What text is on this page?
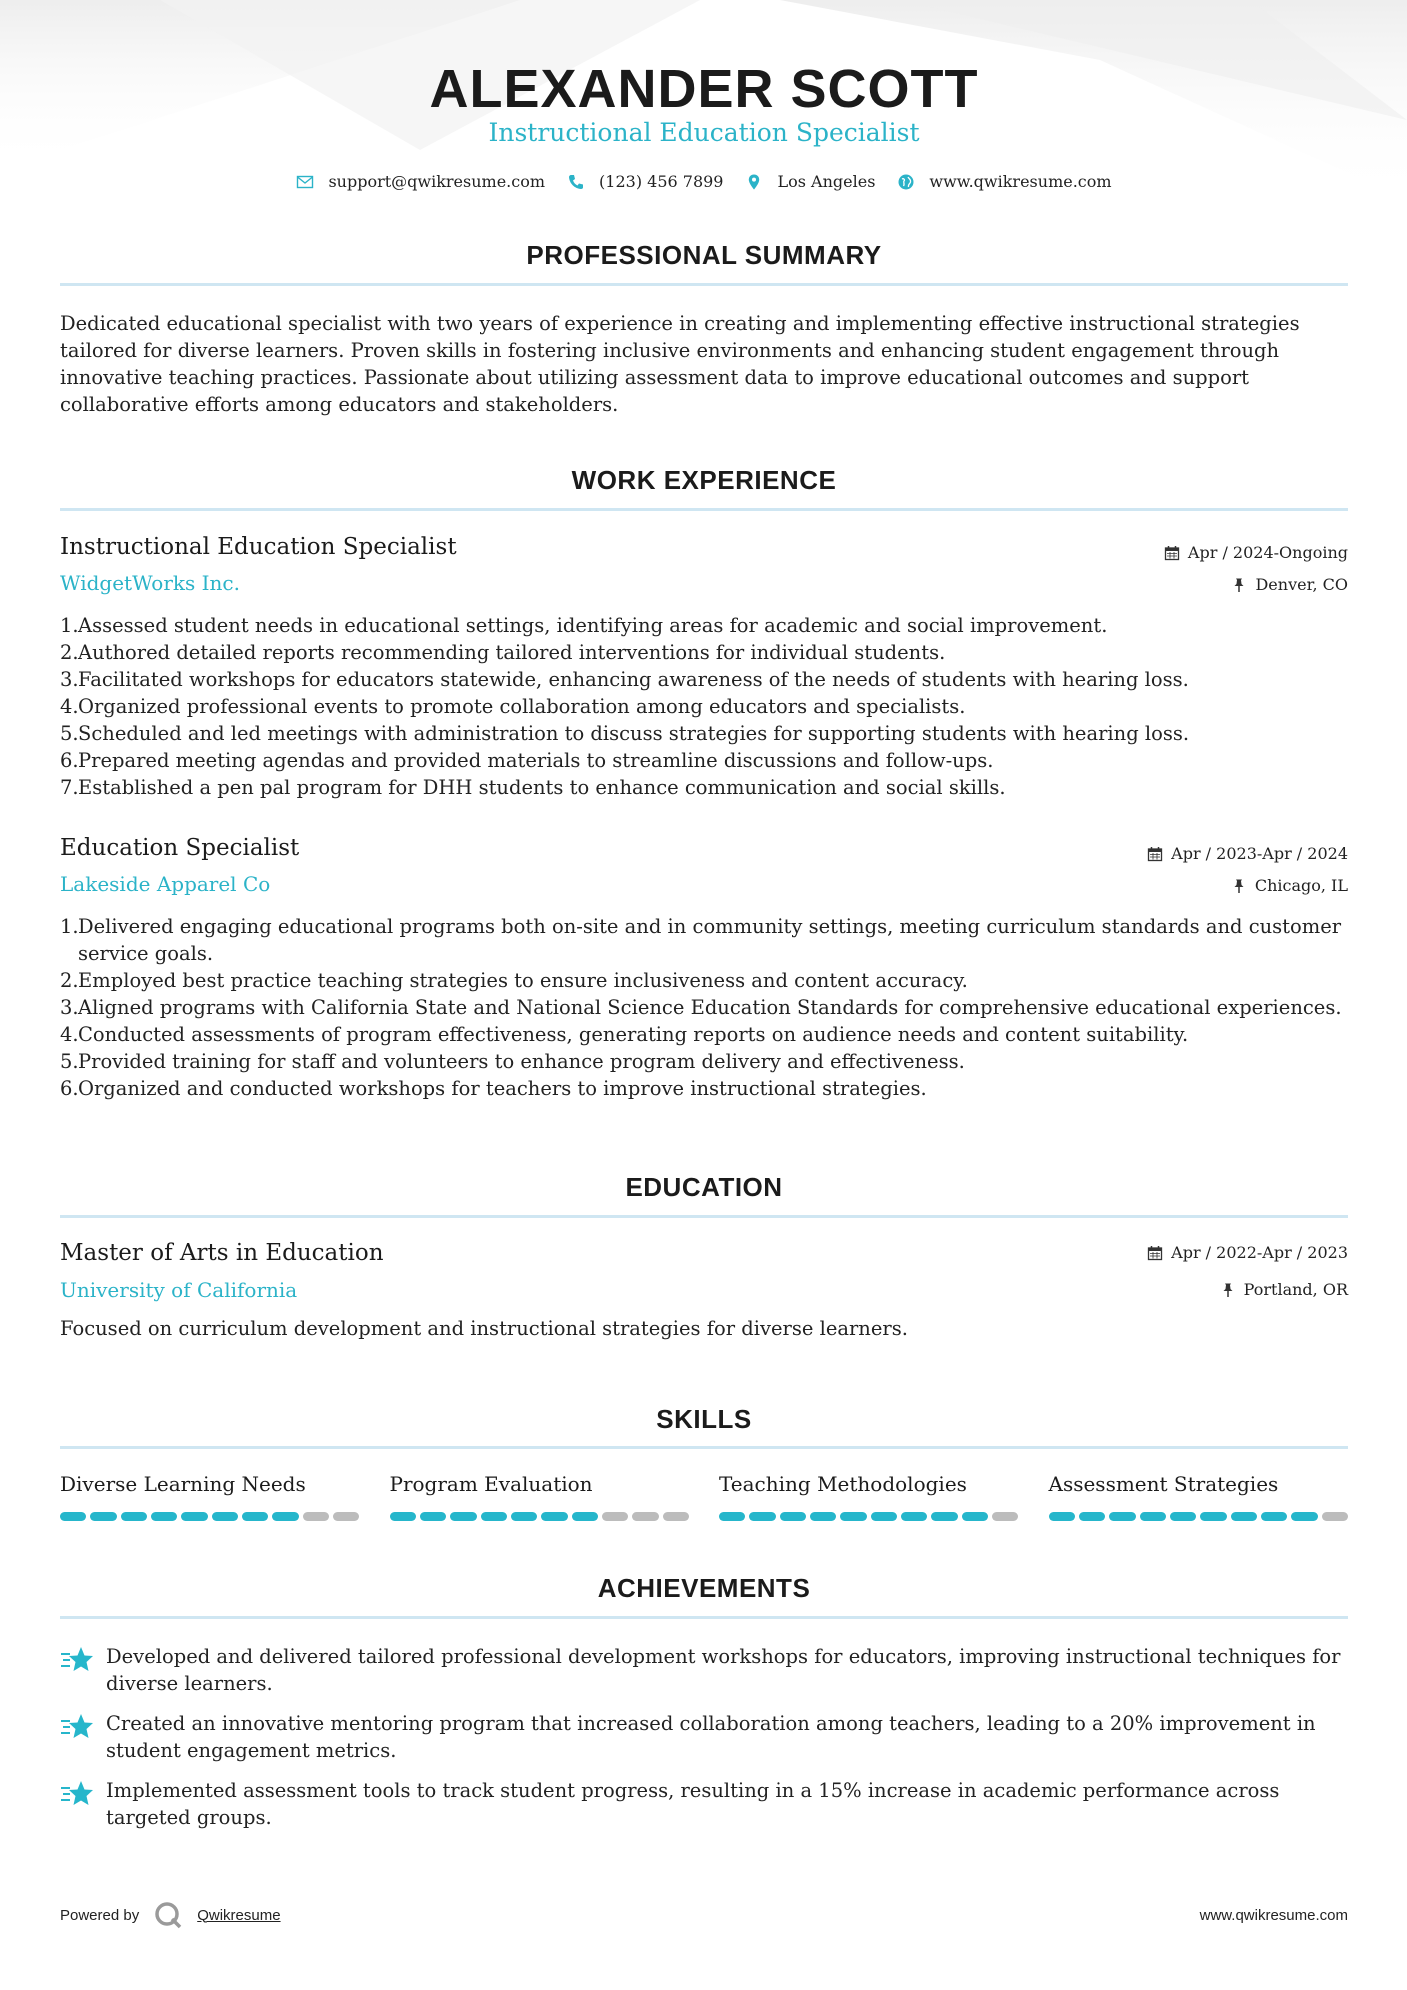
ALEXANDER SCOTT
Instructional Education Specialist
support@qwikresume.com	(123) 456 7899	Los Angeles	www.qwikresume.com
PROFESSIONAL SUMMARY

Dedicated educational specialist with two years of experience in creating and implementing effective instructional strategies tailored for diverse learners. Proven skills in fostering inclusive environments and enhancing student engagement through innovative teaching practices. Passionate about utilizing assessment data to improve educational outcomes and support collaborative efforts among educators and stakeholders.

WORK EXPERIENCE
Instructional Education Specialist	Apr / 2024-Ongoing

WidgetWorks Inc.	Denver, CO
Assessed student needs in educational settings, identifying areas for academic and social improvement.
Authored detailed reports recommending tailored interventions for individual students.
Facilitated workshops for educators statewide, enhancing awareness of the needs of students with hearing loss.
Organized professional events to promote collaboration among educators and specialists.
Scheduled and led meetings with administration to discuss strategies for supporting students with hearing loss.
Prepared meeting agendas and provided materials to streamline discussions and follow-ups.
Established a pen pal program for DHH students to enhance communication and social skills.
Education Specialist	Apr / 2023-Apr / 2024

Lakeside Apparel Co	Chicago, IL
Delivered engaging educational programs both on-site and in community settings, meeting curriculum standards and customer service goals.
Employed best practice teaching strategies to ensure inclusiveness and content accuracy.
Aligned programs with California State and National Science Education Standards for comprehensive educational experiences.
Conducted assessments of program effectiveness, generating reports on audience needs and content suitability.
Provided training for staff and volunteers to enhance program delivery and effectiveness.
Organized and conducted workshops for teachers to improve instructional strategies.
EDUCATION
Master of Arts in Education	Apr / 2022-Apr / 2023

University of California	Portland, OR

Focused on curriculum development and instructional strategies for diverse learners.

SKILLS

Diverse Learning Needs	Program Evaluation	Teaching Methodologies	Assessment Strategies

ACHIEVEMENTS

Developed and delivered tailored professional development workshops for educators, improving instructional techniques for diverse learners.

Created an innovative mentoring program that increased collaboration among teachers, leading to a 20% improvement in student engagement metrics.

Implemented assessment tools to track student progress, resulting in a 15% increase in academic performance across targeted groups.

Powered by	Qwikresume	www.qwikresume.com
